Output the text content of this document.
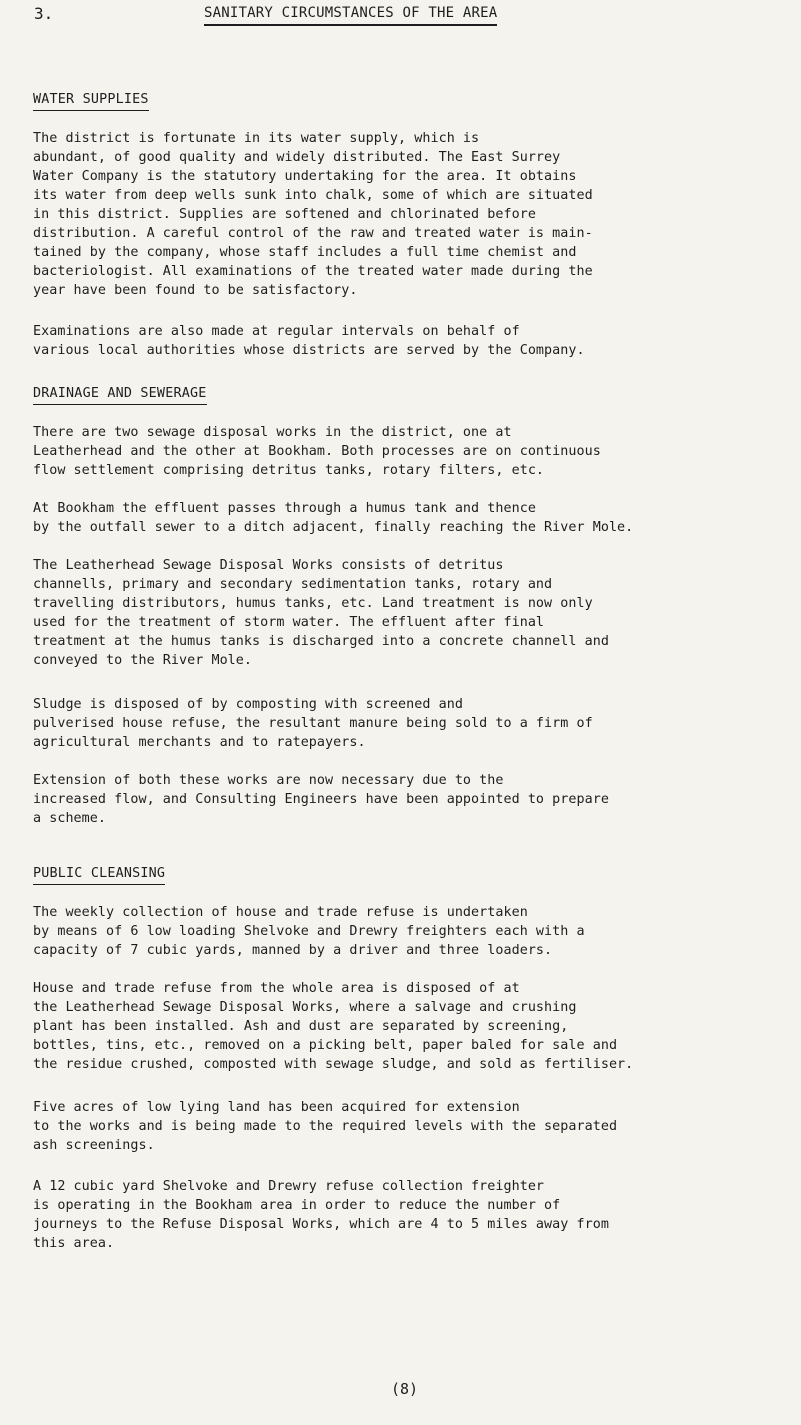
3.	SANITARY CIRCUMSTANCES OF THE AREA
WATER SUPPLIES

The district is fortunate in its water supply, which is
abundant, of good quality and widely distributed. The East Surrey
Water Company is the statutory undertaking for the area. It obtains
its water from deep wells sunk into chalk, some of which are situated
in this district. Supplies are softened and chlorinated before
distribution. A careful control of the raw and treated water is main-
tained by the company, whose staff includes a full time chemist and
bacteriologist. All examinations of the treated water made during the
year have been found to be satisfactory.

Examinations are also made at regular intervals on behalf of
various local authorities whose districts are served by the Company.

DRAINAGE AND SEWERAGE

There are two sewage disposal works in the district, one at
Leatherhead and the other at Bookham. Both processes are on continuous
flow settlement comprising detritus tanks, rotary filters, etc.

At Bookham the effluent passes through a humus tank and thence
by the outfall sewer to a ditch adjacent, finally reaching the River Mole.

The Leatherhead Sewage Disposal Works consists of detritus
channells, primary and secondary sedimentation tanks, rotary and
travelling distributors, humus tanks, etc. Land treatment is now only
used for the treatment of storm water. The effluent after final
treatment at the humus tanks is discharged into a concrete channell and
conveyed to the River Mole.

Sludge is disposed of by composting with screened and
pulverised house refuse, the resultant manure being sold to a firm of
agricultural merchants and to ratepayers.

Extension of both these works are now necessary due to the
increased flow, and Consulting Engineers have been appointed to prepare
a scheme.

PUBLIC CLEANSING

The weekly collection of house and trade refuse is undertaken
by means of 6 low loading Shelvoke and Drewry freighters each with a
capacity of 7 cubic yards, manned by a driver and three loaders.

House and trade refuse from the whole area is disposed of at
the Leatherhead Sewage Disposal Works, where a salvage and crushing
plant has been installed. Ash and dust are separated by screening,
bottles, tins, etc., removed on a picking belt, paper baled for sale and
the residue crushed, composted with sewage sludge, and sold as fertiliser.

Five acres of low lying land has been acquired for extension
to the works and is being made to the required levels with the separated
ash screenings.

A 12 cubic yard Shelvoke and Drewry refuse collection freighter
is operating in the Bookham area in order to reduce the number of
journeys to the Refuse Disposal Works, which are 4 to 5 miles away from
this area.

(8)
